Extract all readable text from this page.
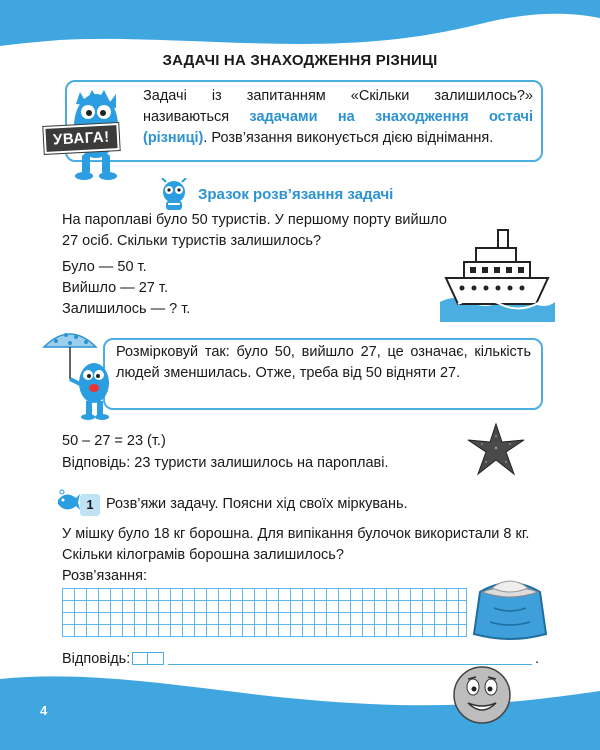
ЗАДАЧІ НА ЗНАХОДЖЕННЯ РІЗНИЦІ
УВАГА!

Задачі із запитанням «Скільки залишилось?» називаються задачами на знаходження остачі (різниці). Розв’язання виконується дією віднімання.

Зразок розв’язання задачі

На пароплаві було 50 туристів. У першому порту вийшло 27 осіб. Скільки туристів залишилось?

Було — 50 т.
Вийшло — 27 т.
Залишилось — ? т.

Розмірковуй так: було 50, вийшло 27, це означає, кількість людей зменшилась. Отже, треба від 50 відняти 27.

50 – 27 = 23 (т.)
Відповідь: 23 туристи залишилось на пароплаві.
1 Розв’яжи задачу. Поясни хід своїх міркувань.

У мішку було 18 кг борошна. Для випікання булочок використали 8 кг. Скільки кілограмів борошна залишилось?

Розв’язання:
Відповідь:	.
4
